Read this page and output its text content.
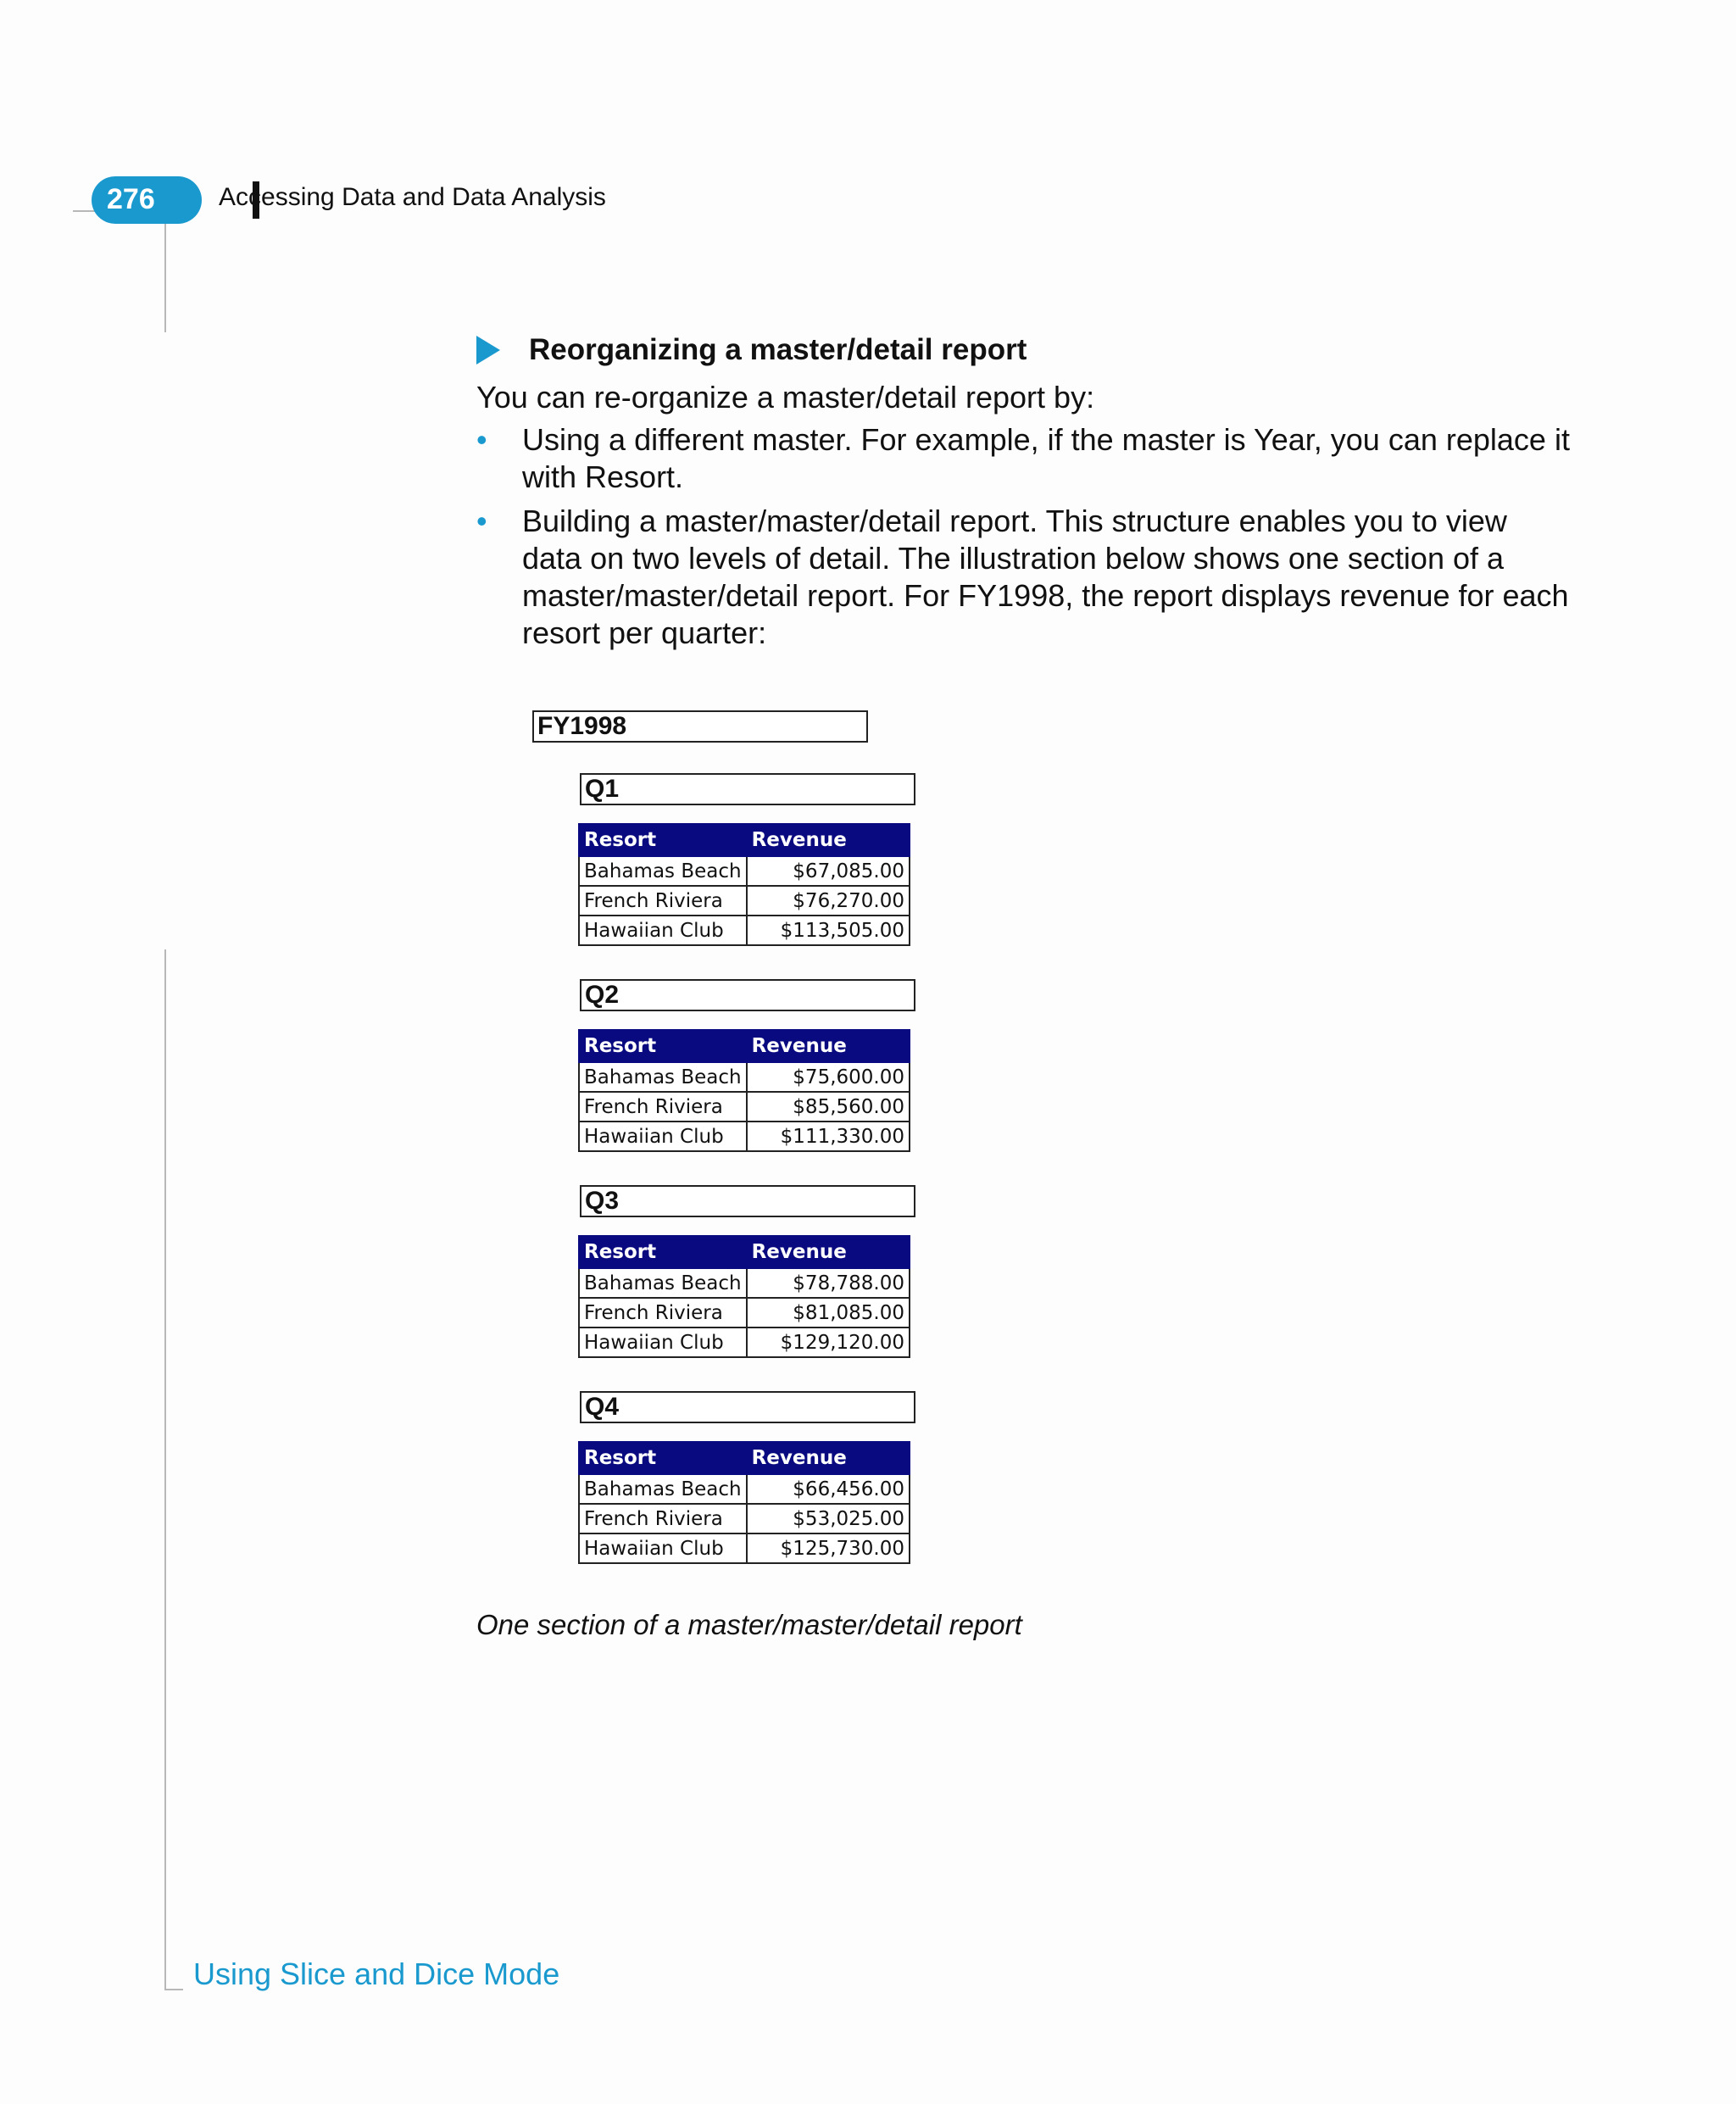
276	Accessing Data and Data Analysis
Reorganizing a master/detail report
You can re-organize a master/detail report by:
• Using a different master. For example, if the master is Year, you can replace it with Resort.
• Building a master/master/detail report. This structure enables you to view data on two levels of detail. The illustration below shows one section of a master/master/detail report. For FY1998, the report displays revenue for each resort per quarter:
FY1998
Q1
Resort	Revenue
Bahamas Beach	$67,085.00
French Riviera	$76,270.00
Hawaiian Club	$113,505.00
Q2
Resort	Revenue
Bahamas Beach	$75,600.00
French Riviera	$85,560.00
Hawaiian Club	$111,330.00
Q3
Resort	Revenue
Bahamas Beach	$78,788.00
French Riviera	$81,085.00
Hawaiian Club	$129,120.00
Q4
Resort	Revenue
Bahamas Beach	$66,456.00
French Riviera	$53,025.00
Hawaiian Club	$125,730.00
One section of a master/master/detail report
Using Slice and Dice Mode
